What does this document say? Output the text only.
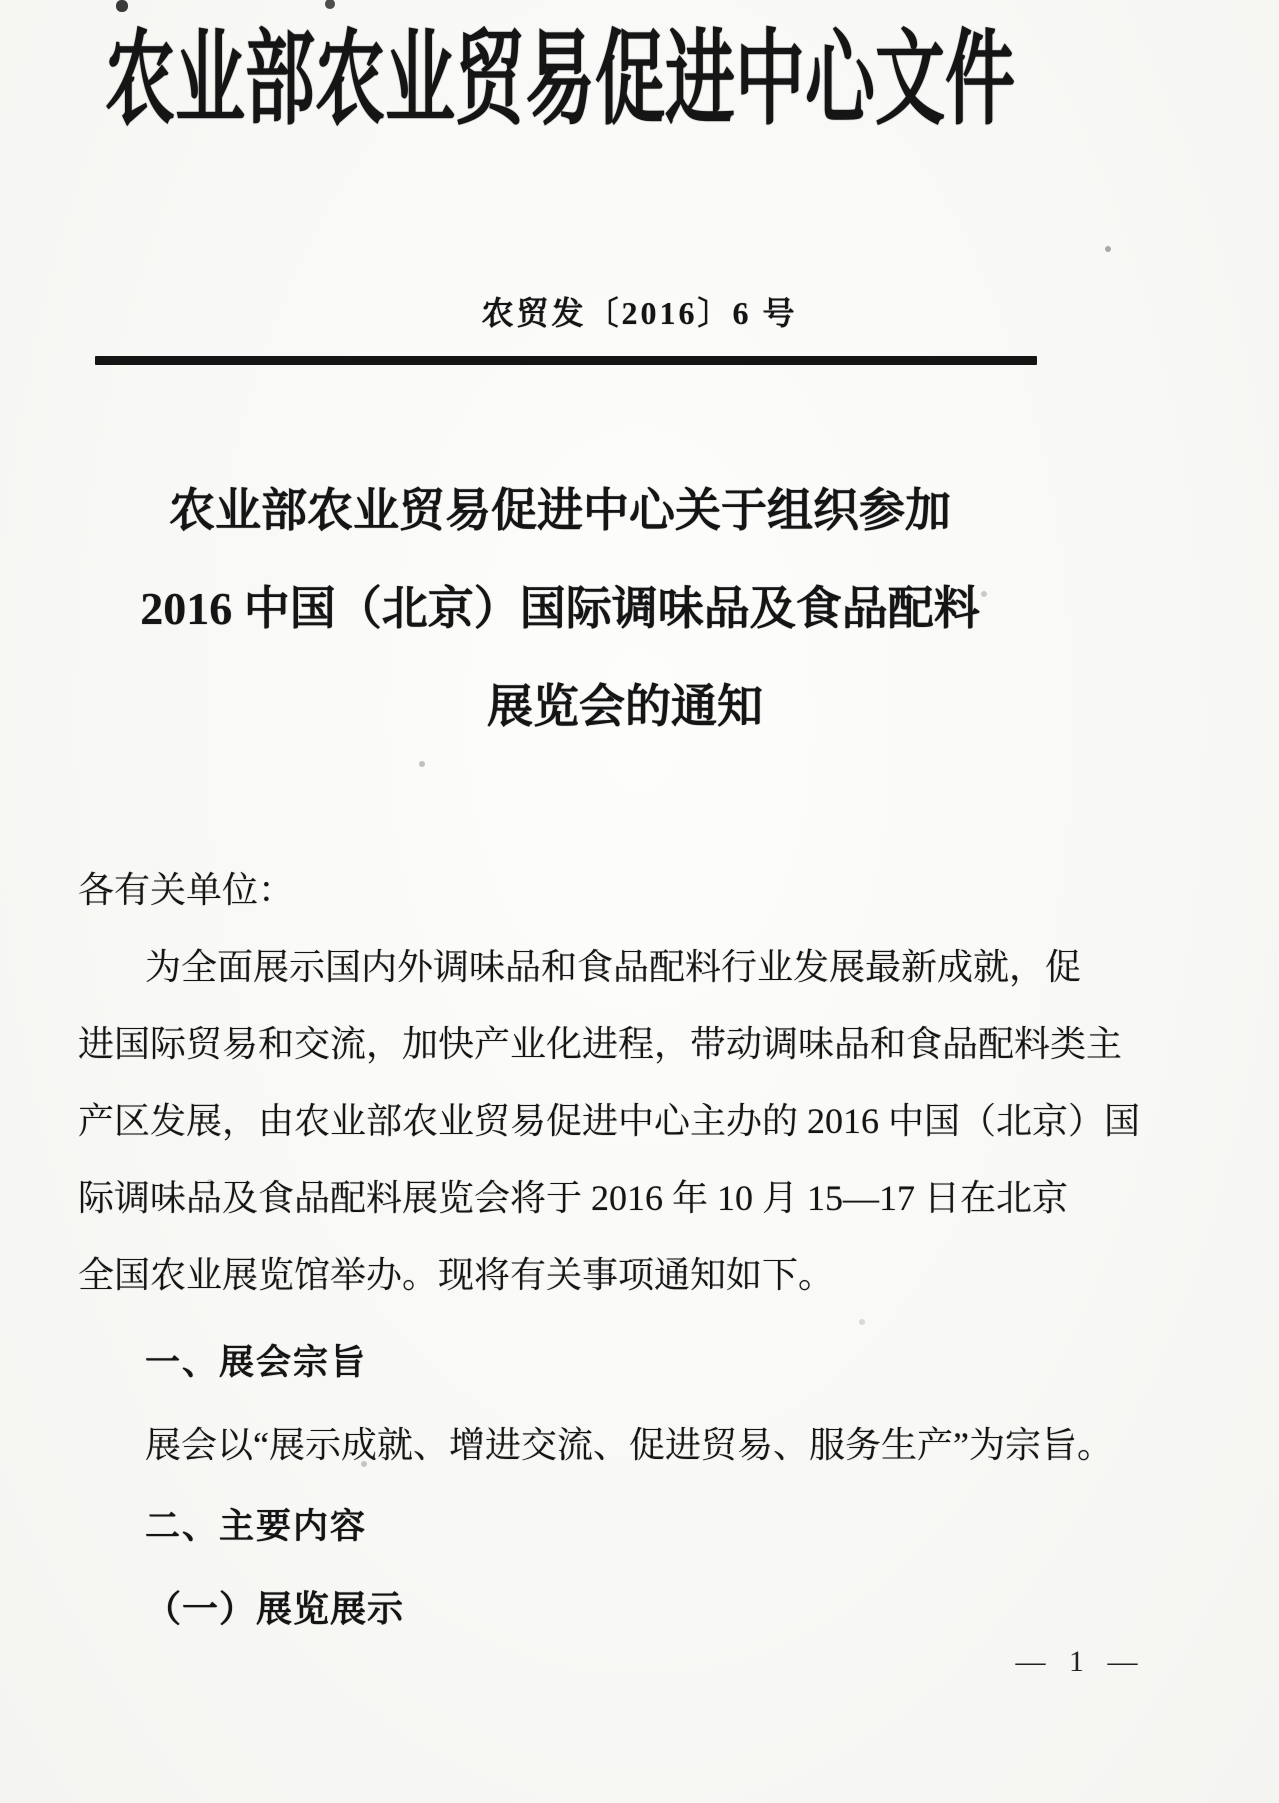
农业部农业贸易促进中心文件
农贸发〔2016〕6 号
农业部农业贸易促进中心关于组织参加
2016 中国（北京）国际调味品及食品配料
展览会的通知
各有关单位：
为全面展示国内外调味品和食品配料行业发展最新成就，促
进国际贸易和交流，加快产业化进程，带动调味品和食品配料类主
产区发展，由农业部农业贸易促进中心主办的 2016 中国（北京）国
际调味品及食品配料展览会将于 2016 年 10 月 15—17 日在北京
全国农业展览馆举办。现将有关事项通知如下。
一、展会宗旨
展会以“展示成就、增进交流、促进贸易、服务生产”为宗旨。
二、主要内容
（一）展览展示
— 1 —
